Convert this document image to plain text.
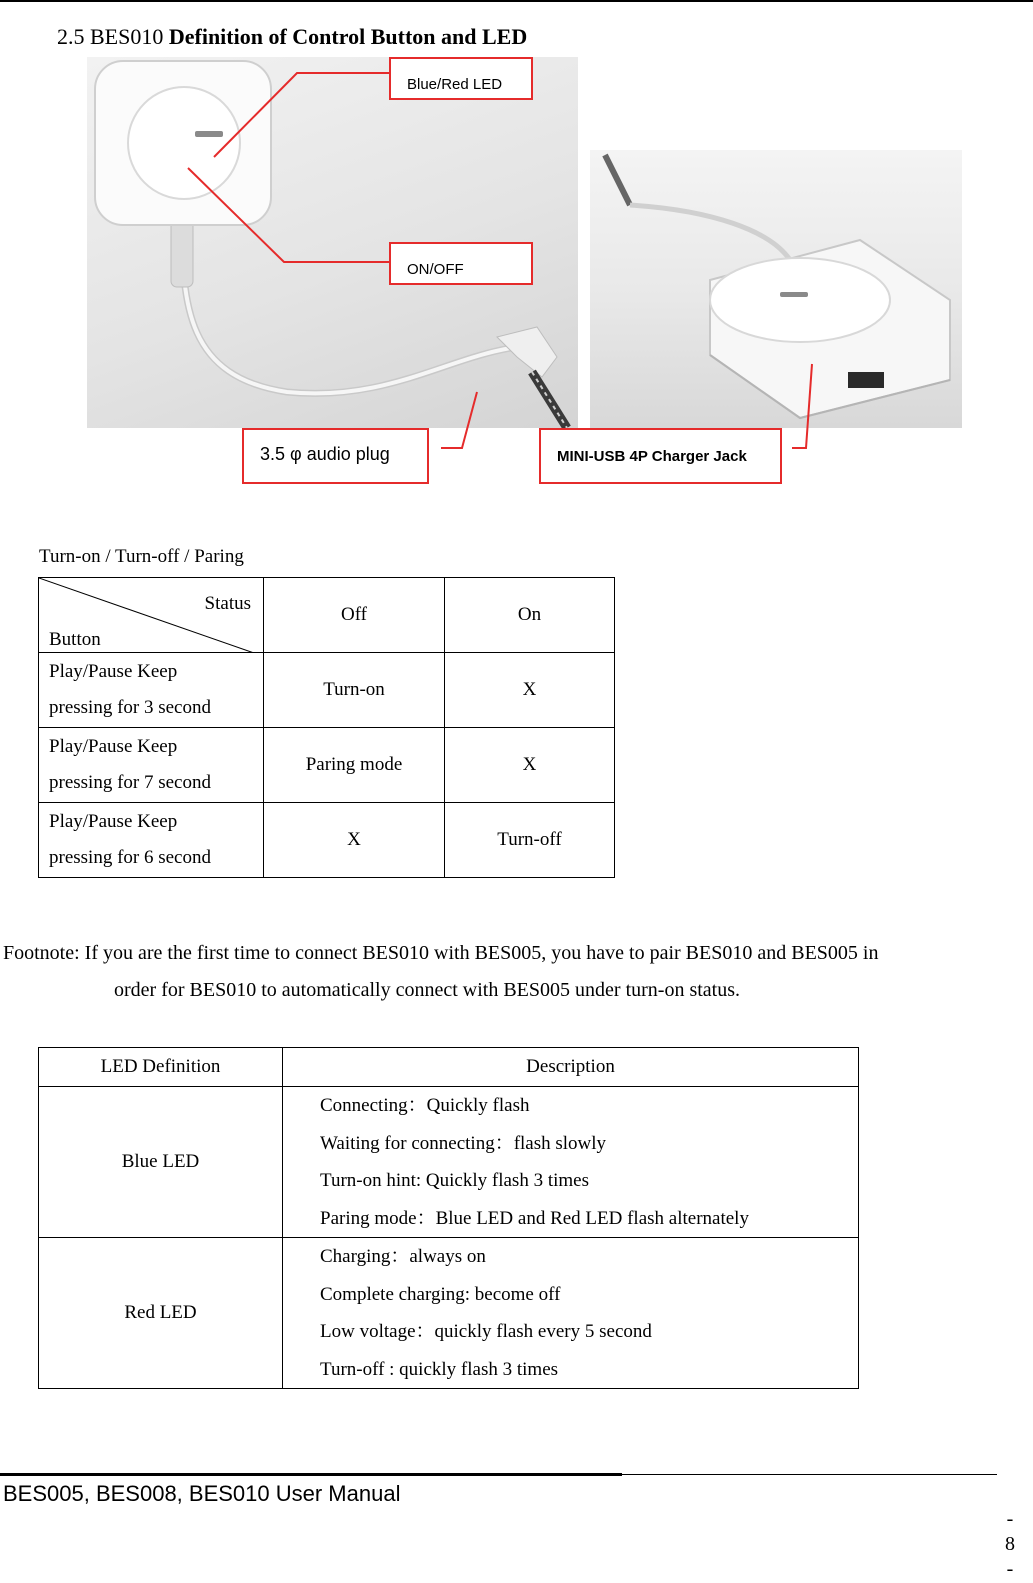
2.5 BES010 Definition of Control Button and LED
Blue/Red LED
ON/OFF
3.5 φ audio plug	MINI-USB 4P Charger Jack
Turn-on / Turn-off / Paring
Status
Button	Off	On

Play/Pause Keep
pressing for 3 second	Turn-on	X

Play/Pause Keep
pressing for 7 second	Paring mode	X

Play/Pause Keep
pressing for 6 second	X	Turn-off
Footnote: If you are the first time to connect BES010 with BES005, you have to pair BES010 and BES005 in
order for BES010 to automatically connect with BES005 under turn-on status.
LED Definition	Description
Blue LED	Connecting：Quickly flash
Waiting for connecting：flash slowly
Turn-on hint: Quickly flash 3 times
Paring mode：Blue LED and Red LED flash alternately

Red LED	Charging：always on
Complete charging: become off
Low voltage：quickly flash every 5 second
Turn-off : quickly flash 3 times
BES005, BES008, BES010 User Manual
-
8
-
